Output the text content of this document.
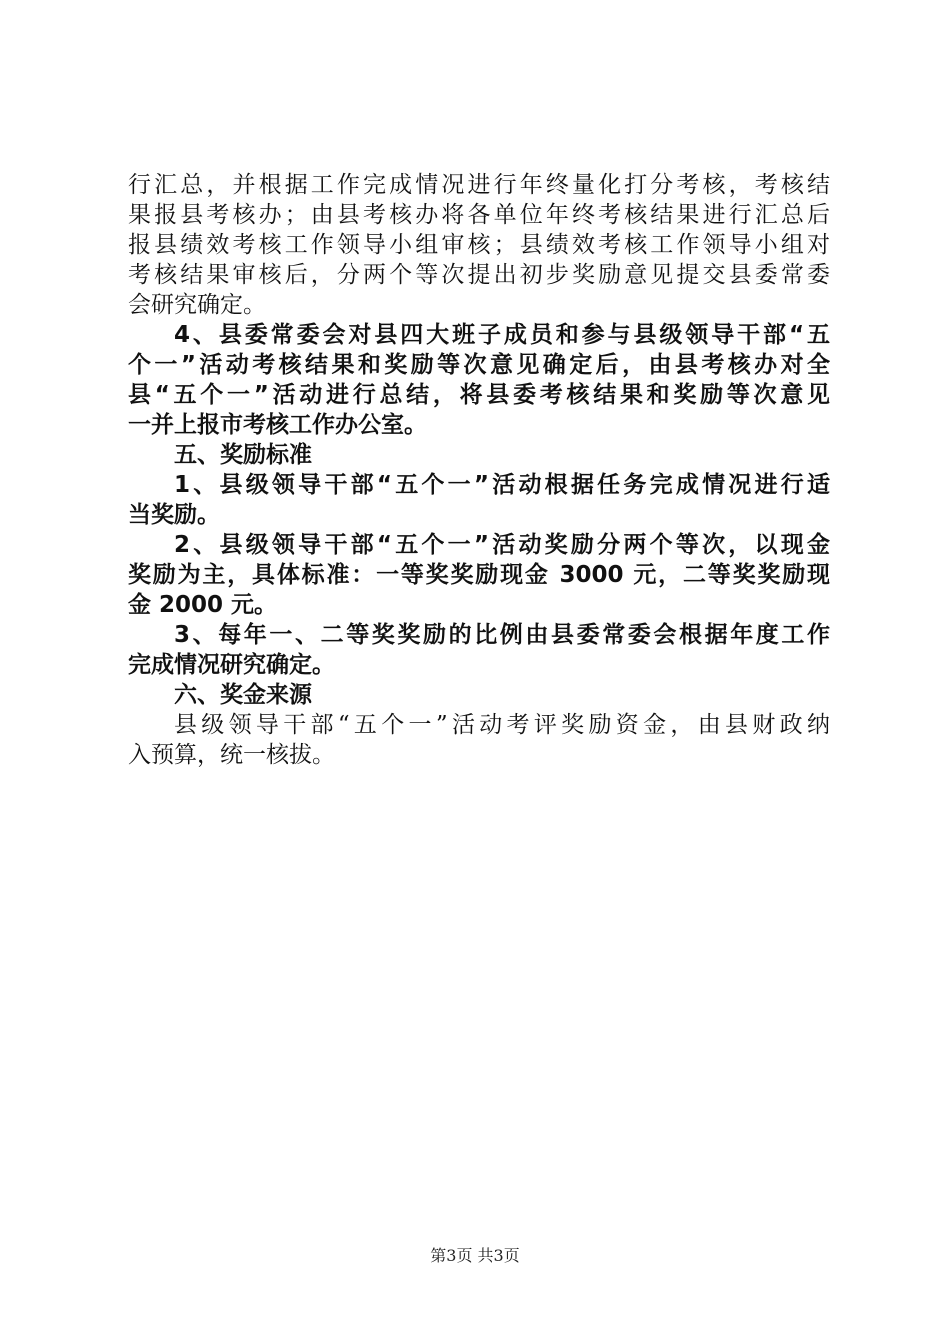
行汇总，并根据工作完成情况进行年终量化打分考核，考核结
果报县考核办；由县考核办将各单位年终考核结果进行汇总后
报县绩效考核工作领导小组审核；县绩效考核工作领导小组对
考核结果审核后，分两个等次提出初步奖励意见提交县委常委
会研究确定。
4、县委常委会对县四大班子成员和参与县级领导干部“五
个一”活动考核结果和奖励等次意见确定后，由县考核办对全
县“五个一”活动进行总结，将县委考核结果和奖励等次意见
一并上报市考核工作办公室。
五、奖励标准
1、县级领导干部“五个一”活动根据任务完成情况进行适
当奖励。
2、县级领导干部“五个一”活动奖励分两个等次，以现金
奖励为主，具体标准：一等奖奖励现金 3000 元，二等奖奖励现
金 2000 元。
3、每年一、二等奖奖励的比例由县委常委会根据年度工作
完成情况研究确定。
六、奖金来源
县级领导干部“五个一”活动考评奖励资金，由县财政纳
入预算，统一核拔。
第3页 共3页
